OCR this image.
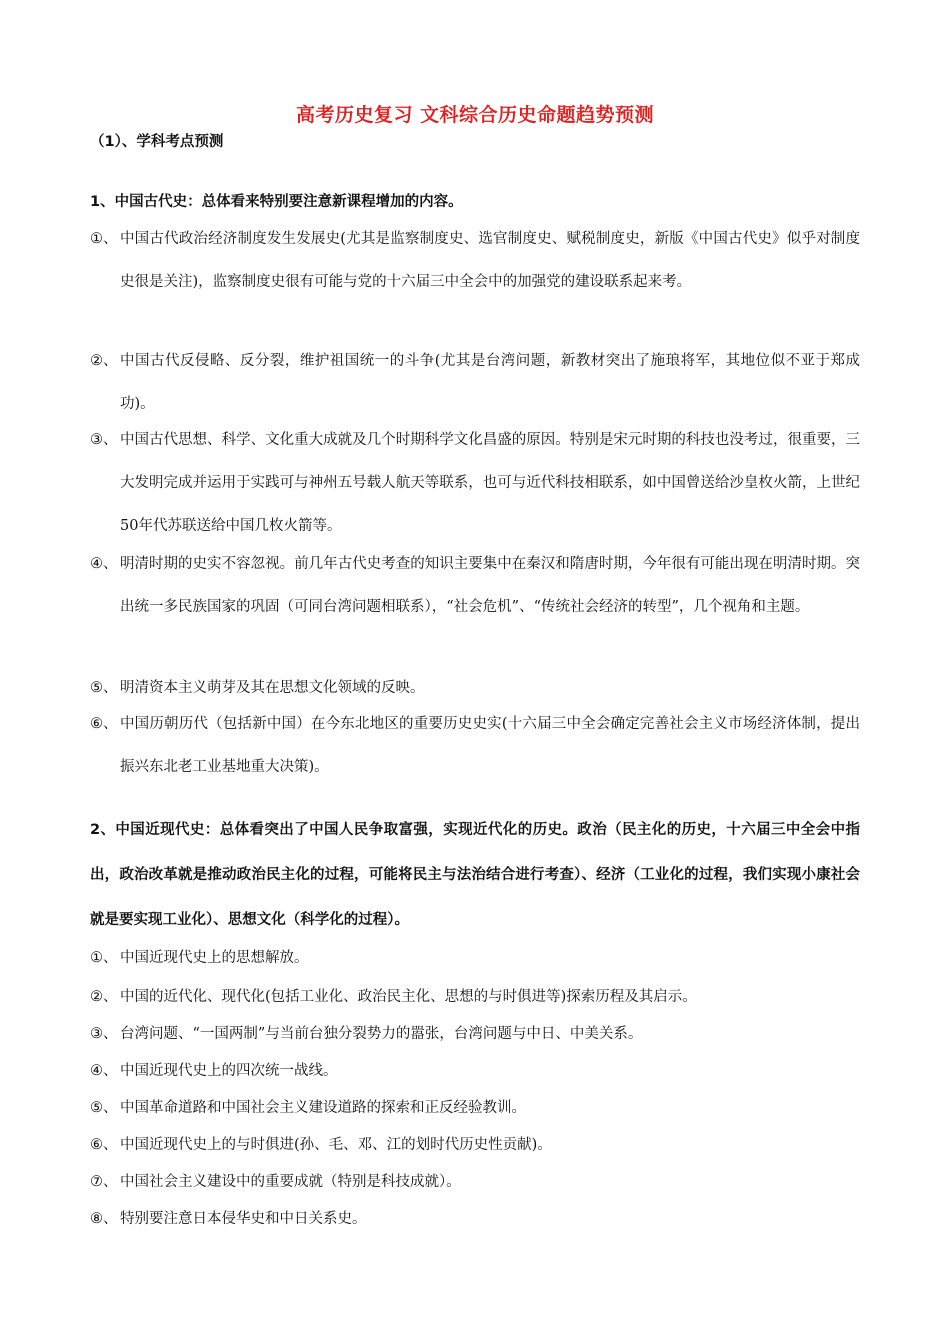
高考历史复习 文科综合历史命题趋势预测
（1）、学科考点预测
1、中国古代史：总体看来特别要注意新课程增加的内容。
①、 中国古代政治经济制度发生发展史(尤其是监察制度史、选官制度史、赋税制度史，新版《中国古代史》似乎对制度史很是关注)，监察制度史很有可能与党的十六届三中全会中的加强党的建设联系起来考。
②、 中国古代反侵略、反分裂，维护祖国统一的斗争(尤其是台湾问题，新教材突出了施琅将军，其地位似不亚于郑成功)。
③、 中国古代思想、科学、文化重大成就及几个时期科学文化昌盛的原因。特别是宋元时期的科技也没考过，很重要，三大发明完成并运用于实践可与神州五号载人航天等联系，也可与近代科技相联系，如中国曾送给沙皇枚火箭，上世纪50年代苏联送给中国几枚火箭等。
④、 明清时期的史实不容忽视。前几年古代史考查的知识主要集中在秦汉和隋唐时期，今年很有可能出现在明清时期。突出统一多民族国家的巩固（可同台湾问题相联系），“社会危机”、“传统社会经济的转型”，几个视角和主题。
⑤、 明清资本主义萌芽及其在思想文化领域的反映。
⑥、 中国历朝历代（包括新中国）在今东北地区的重要历史史实(十六届三中全会确定完善社会主义市场经济体制，提出振兴东北老工业基地重大决策)。
2、中国近现代史：总体看突出了中国人民争取富强，实现近代化的历史。政治（民主化的历史，十六届三中全会中指出，政治改革就是推动政治民主化的过程，可能将民主与法治结合进行考查）、经济（工业化的过程，我们实现小康社会就是要实现工业化）、思想文化（科学化的过程）。
①、 中国近现代史上的思想解放。
②、 中国的近代化、现代化(包括工业化、政治民主化、思想的与时俱进等)探索历程及其启示。
③、 台湾问题、“一国两制”与当前台独分裂势力的嚣张，台湾问题与中日、中美关系。
④、 中国近现代史上的四次统一战线。
⑤、 中国革命道路和中国社会主义建设道路的探索和正反经验教训。
⑥、 中国近现代史上的与时俱进(孙、毛、邓、江的划时代历史性贡献)。
⑦、 中国社会主义建设中的重要成就（特别是科技成就）。
⑧、 特别要注意日本侵华史和中日关系史。
